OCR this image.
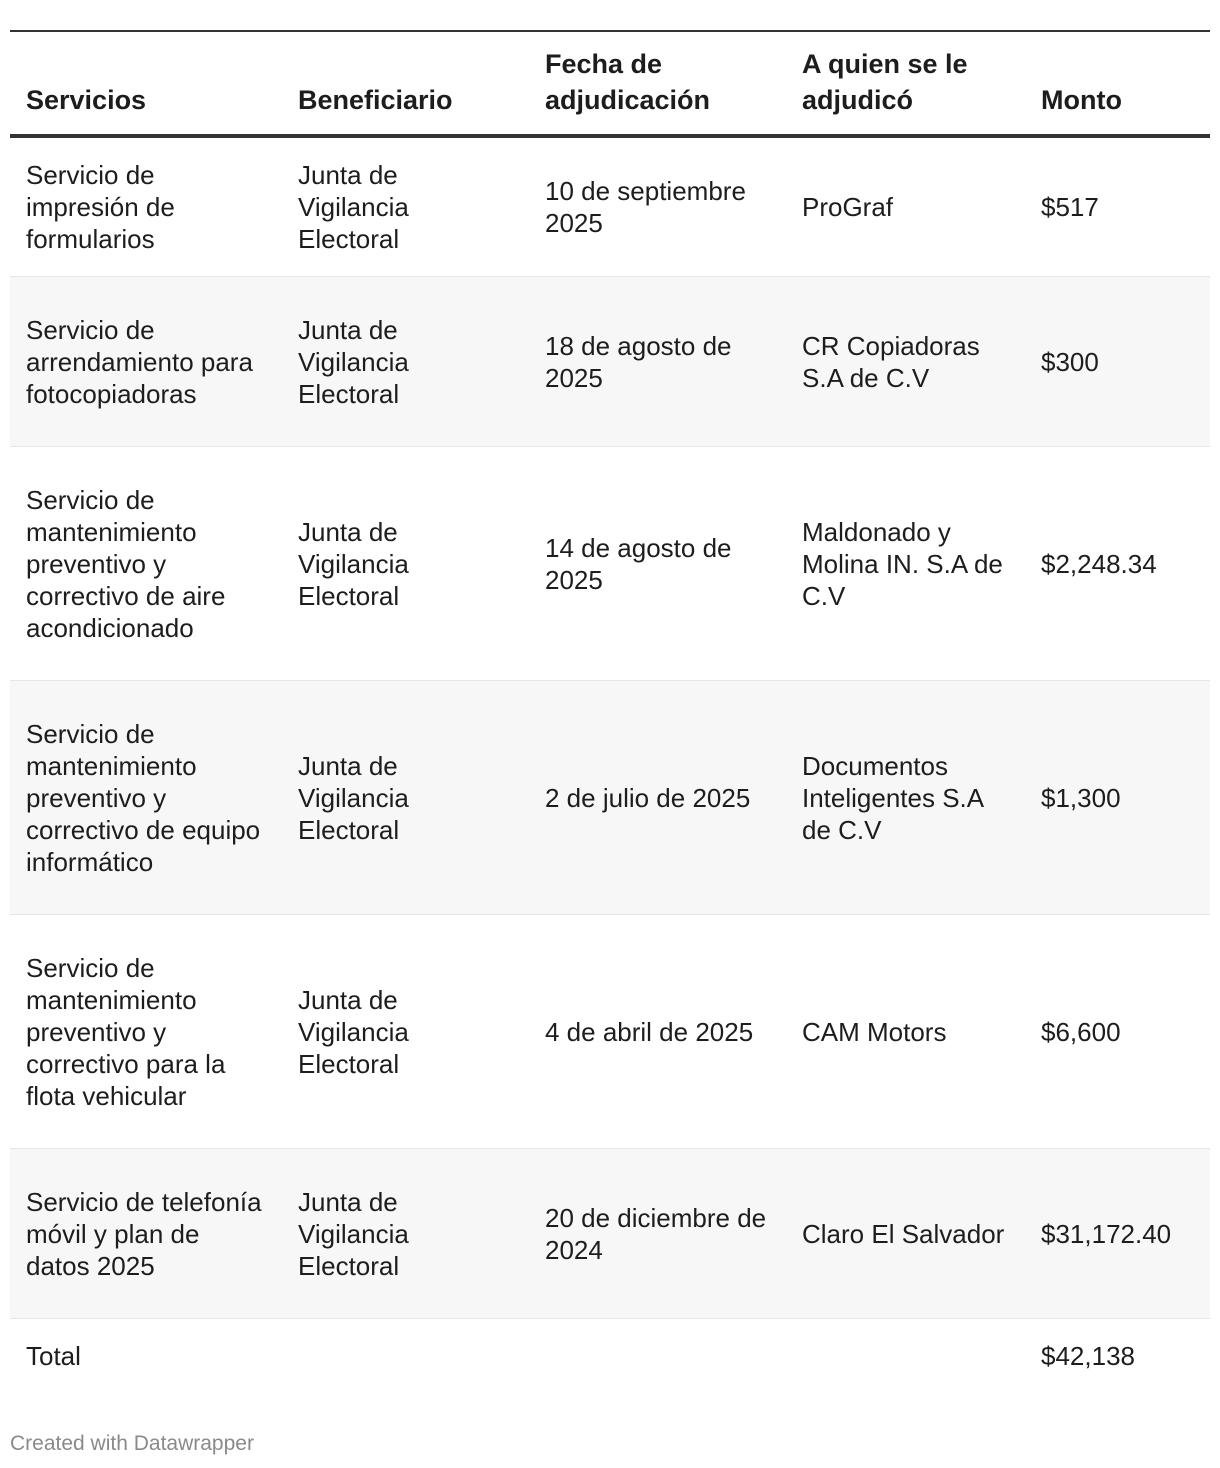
Servicios	Beneficiario	Fecha de adjudicación	A quien se le adjudicó	Monto
Servicio de impresión de formularios	Junta de Vigilancia Electoral	10 de septiembre 2025	ProGraf	$517
Servicio de arrendamiento para fotocopiadoras	Junta de Vigilancia Electoral	18 de agosto de 2025	CR Copiadoras S.A de C.V	$300
Servicio de mantenimiento preventivo y correctivo de aire acondicionado	Junta de Vigilancia Electoral	14 de agosto de 2025	Maldonado y Molina IN. S.A de C.V	$2,248.34
Servicio de mantenimiento preventivo y correctivo de equipo informático	Junta de Vigilancia Electoral	2 de julio de 2025	Documentos Inteligentes S.A de C.V	$1,300
Servicio de mantenimiento preventivo y correctivo para la flota vehicular	Junta de Vigilancia Electoral	4 de abril de 2025	CAM Motors	$6,600
Servicio de telefonía móvil y plan de datos 2025	Junta de Vigilancia Electoral	20 de diciembre de 2024	Claro El Salvador	$31,172.40
Total				$42,138
Created with Datawrapper
